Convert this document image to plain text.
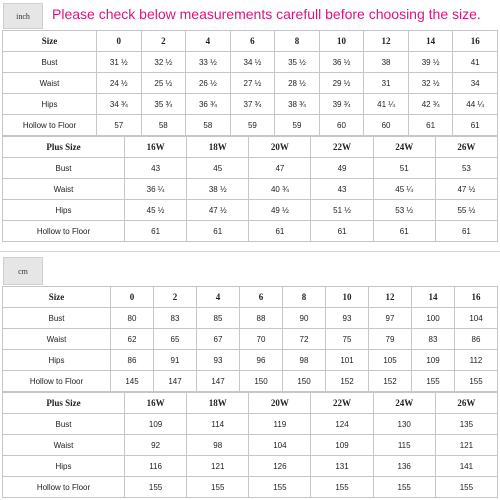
inch	Please check below measurements carefull before choosing the size.
Size	0	2	4	6	8	10	12	14	16
Bust	31 ½	32 ½	33 ½	34 ½	35 ½	36 ½	38	39 ½	41
Waist	24 ½	25 ½	26 ½	27 ½	28 ½	29 ½	31	32 ½	34
Hips	34 ¾	35 ¾	36 ¾	37 ¾	38 ¾	39 ¾	41 ¼	42 ¾	44 ¼
Hollow to Floor	57	58	58	59	59	60	60	61	61
Plus Size	16W	18W	20W	22W	24W	26W
Bust	43	45	47	49	51	53
Waist	36 ¼	38 ½	40 ¾	43	45 ¼	47 ½
Hips	45 ½	47 ½	49 ½	51 ½	53 ½	55 ½
Hollow to Floor	61	61	61	61	61	61
cm
Size	0	2	4	6	8	10	12	14	16
Bust	80	83	85	88	90	93	97	100	104
Waist	62	65	67	70	72	75	79	83	86
Hips	86	91	93	96	98	101	105	109	112
Hollow to Floor	145	147	147	150	150	152	152	155	155
Plus Size	16W	18W	20W	22W	24W	26W
Bust	109	114	119	124	130	135
Waist	92	98	104	109	115	121
Hips	116	121	126	131	136	141
Hollow to Floor	155	155	155	155	155	155
